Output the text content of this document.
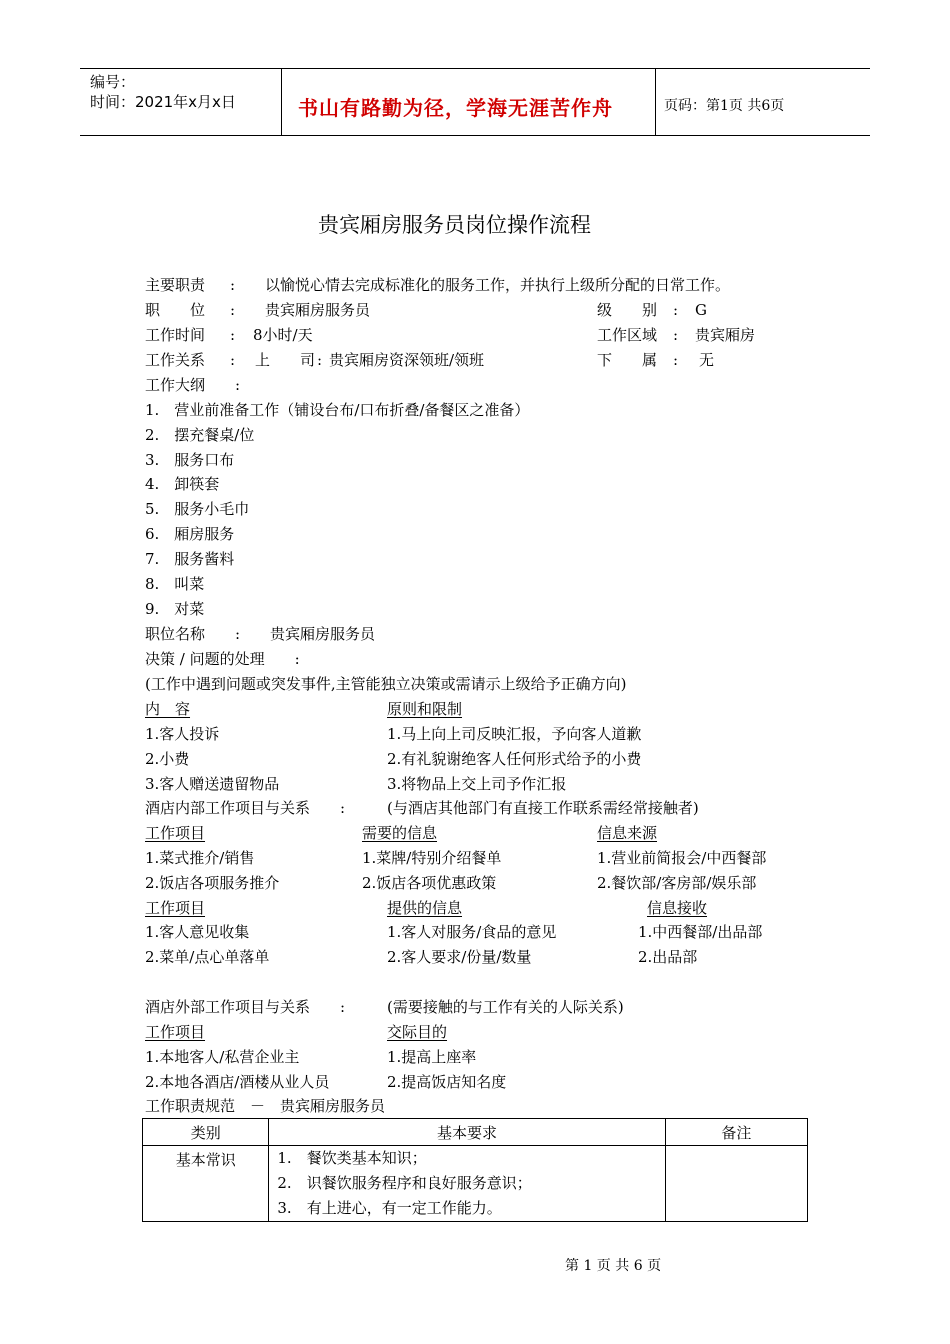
编号：
时间：2021年x月x日	书山有路勤为径，学海无涯苦作舟	页码：第1页 共6页
贵宾厢房服务员岗位操作流程
主要职责 : 以愉悦心情去完成标准化的服务工作，并执行上级所分配的日常工作。
职　　位 : 贵宾厢房服务员	级　　别 : G
工作时间 : 8小时/天	工作区域 : 贵宾厢房
工作关系 : 上　　司 : 贵宾厢房资深领班/领班	下　　属 : 无
工作大纲　　:
1.　营业前准备工作（铺设台布/口布折叠/备餐区之准备）
2.　摆充餐桌/位
3.　服务口布
4.　卸筷套
5.　服务小毛巾
6.　厢房服务
7.　服务酱料
8.　叫菜
9.　对菜
职位名称　　: 贵宾厢房服务员
决策 / 问题的处理　　:
(工作中遇到问题或突发事件,主管能独立决策或需请示上级给予正确方向)
内　容	原则和限制
1.客人投诉	1.马上向上司反映汇报，予向客人道歉
2.小费	2.有礼貌谢绝客人任何形式给予的小费
3.客人赠送遗留物品	3.将物品上交上司予作汇报
酒店内部工作项目与关系　　:	(与酒店其他部门有直接工作联系需经常接触者)
工作项目	需要的信息	信息来源
1.菜式推介/销售	1.菜牌/特别介绍餐单	1.营业前简报会/中西餐部
2.饭店各项服务推介	2.饭店各项优惠政策	2.餐饮部/客房部/娱乐部
工作项目	提供的信息	信息接收
1.客人意见收集	1.客人对服务/食品的意见	1.中西餐部/出品部
2.菜单/点心单落单	2.客人要求/份量/数量	2.出品部
酒店外部工作项目与关系　　:	(需要接触的与工作有关的人际关系)
工作项目	交际目的
1.本地客人/私营企业主	1.提高上座率
2.本地各酒店/酒楼从业人员	2.提高饭店知名度
工作职责规范　－　贵宾厢房服务员
类别	基本要求	备注
基本常识	1.　餐饮类基本知识；
2.　识餐饮服务程序和良好服务意识；
3.　有上进心，有一定工作能力。	

第 1 页 共 6 页
